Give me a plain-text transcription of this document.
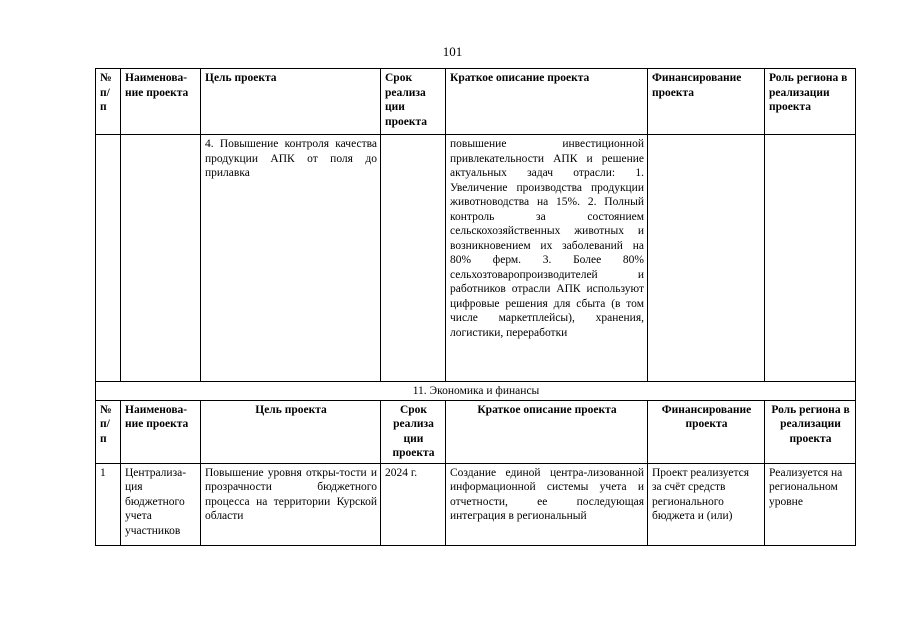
101
№ п/ п	Наименова-ние проекта	Цель проекта	Срок реализа ции проекта	Краткое описание проекта	Финансирование проекта	Роль региона в реализации проекта
		4. Повышение контроля качества продукции АПК от поля до прилавка		повышение инвестиционной привлекательности АПК и решение актуальных задач отрасли: 1. Увеличение производства продукции животноводства на 15%. 2. Полный контроль за состоянием сельскохозяйственных животных и возникновением их заболеваний на 80% ферм. 3. Более 80% сельхозтоваропроизводителей и работников отрасли АПК используют цифровые решения для сбыта (в том числе маркетплейсы), хранения, логистики, переработки		
11. Экономика и финансы						
№ п/ п	Наименова-ние проекта	Цель проекта	Срок реализа ции проекта	Краткое описание проекта	Финансирование проекта	Роль региона в реализации проекта
1	Централиза-ция бюджетного учета участников	Повышение уровня откры-тости и прозрачности бюджетного процесса на территории Курской области	2024 г.	Создание единой центра-лизованной информационной системы учета и отчетности, ее последующая интеграция в региональный	Проект реализуется за счёт средств регионального бюджета и (или)	Реализуется на региональном уровне
